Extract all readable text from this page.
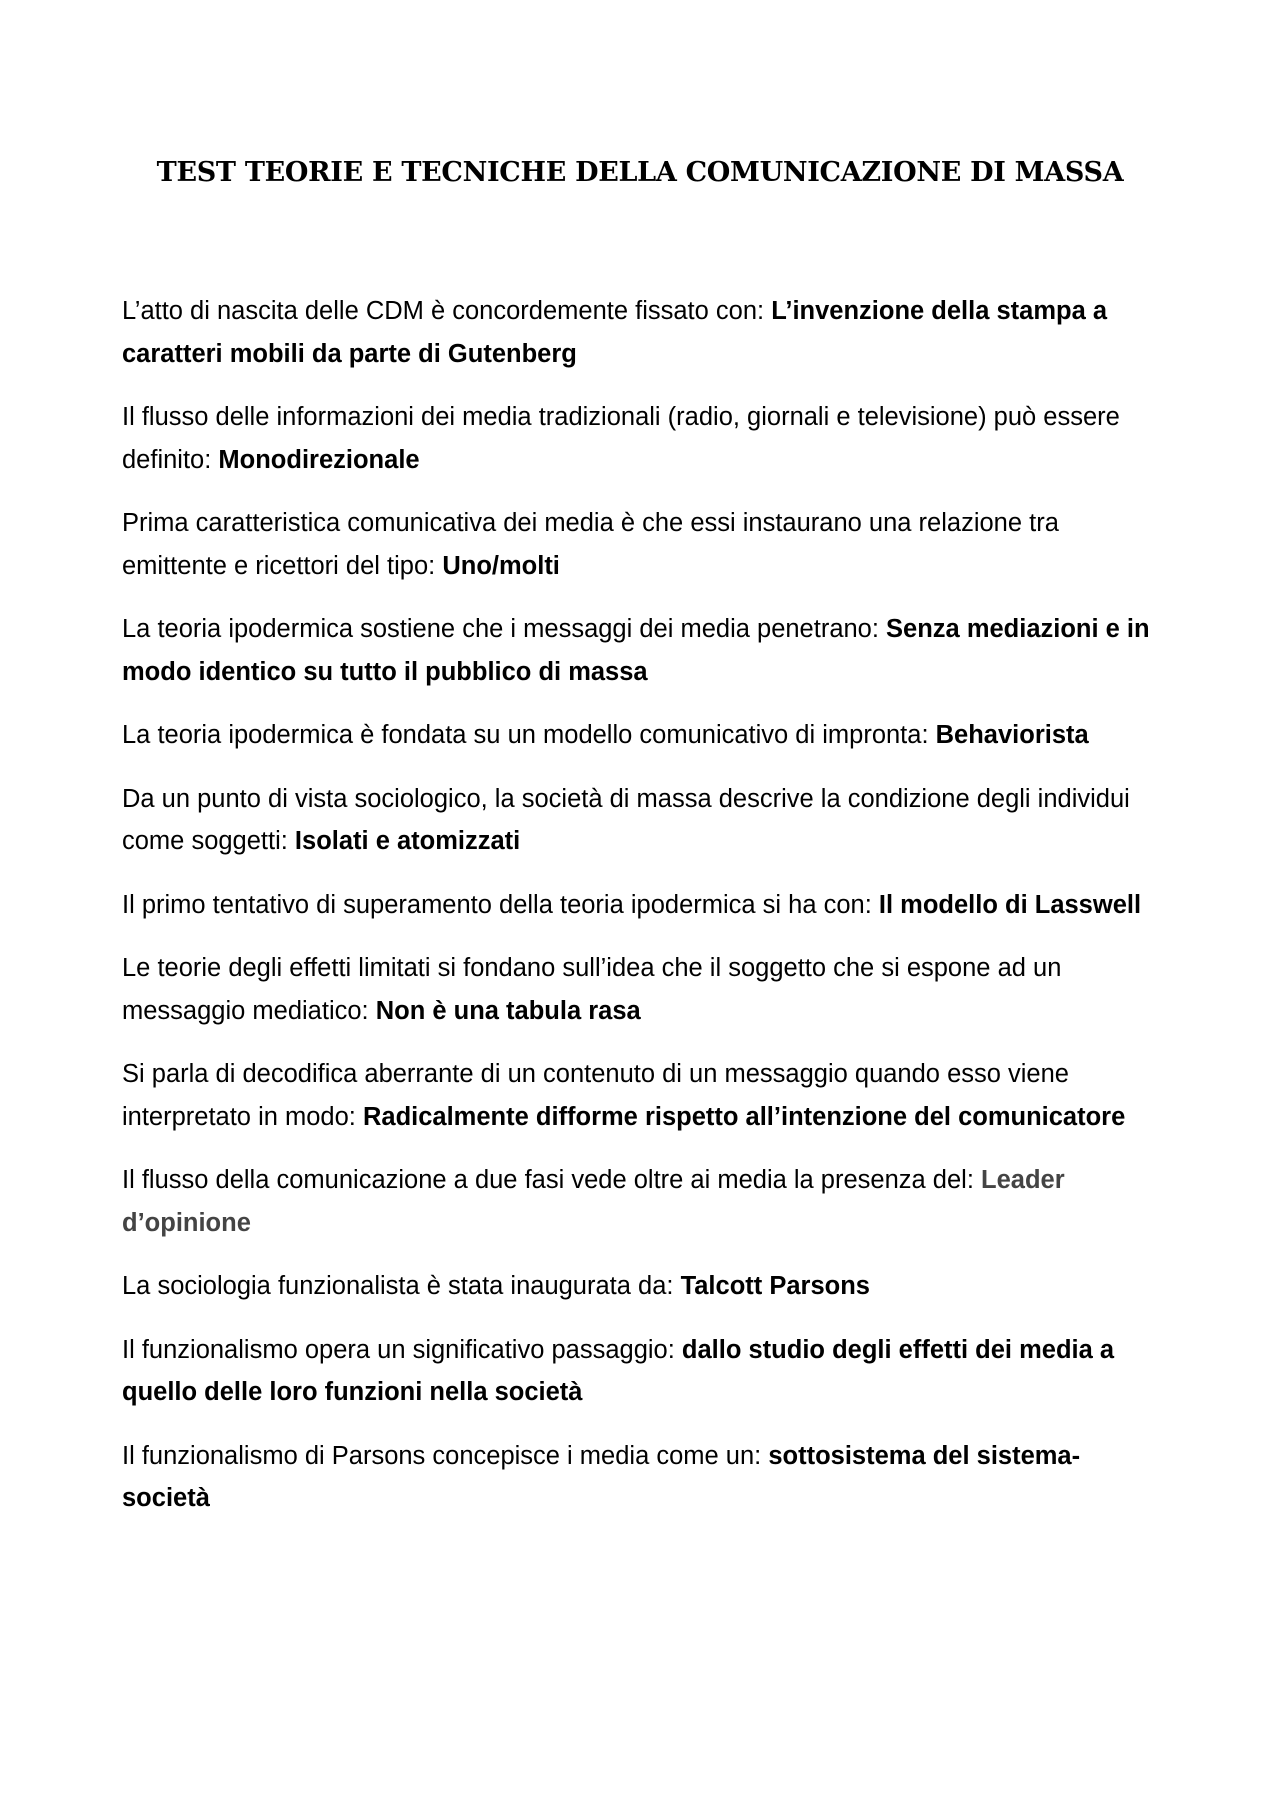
TEST TEORIE E TECNICHE DELLA COMUNICAZIONE DI MASSA

L’atto di nascita delle CDM è concordemente fissato con: L’invenzione della stampa a caratteri mobili da parte di Gutenberg

Il flusso delle informazioni dei media tradizionali (radio, giornali e televisione) può essere definito: Monodirezionale

Prima caratteristica comunicativa dei media è che essi instaurano una relazione tra emittente e ricettori del tipo: Uno/molti

La teoria ipodermica sostiene che i messaggi dei media penetrano: Senza mediazioni e in modo identico su tutto il pubblico di massa

La teoria ipodermica è fondata su un modello comunicativo di impronta: Behaviorista

Da un punto di vista sociologico, la società di massa descrive la condizione degli individui come soggetti: Isolati e atomizzati

Il primo tentativo di superamento della teoria ipodermica si ha con: Il modello di Lasswell

Le teorie degli effetti limitati si fondano sull’idea che il soggetto che si espone ad un messaggio mediatico: Non è una tabula rasa

Si parla di decodifica aberrante di un contenuto di un messaggio quando esso viene interpretato in modo: Radicalmente difforme rispetto all’intenzione del comunicatore

Il flusso della comunicazione a due fasi vede oltre ai media la presenza del: Leader d’opinione

La sociologia funzionalista è stata inaugurata da: Talcott Parsons

Il funzionalismo opera un significativo passaggio: dallo studio degli effetti dei media a quello delle loro funzioni nella società

Il funzionalismo di Parsons concepisce i media come un: sottosistema del sistema-società
